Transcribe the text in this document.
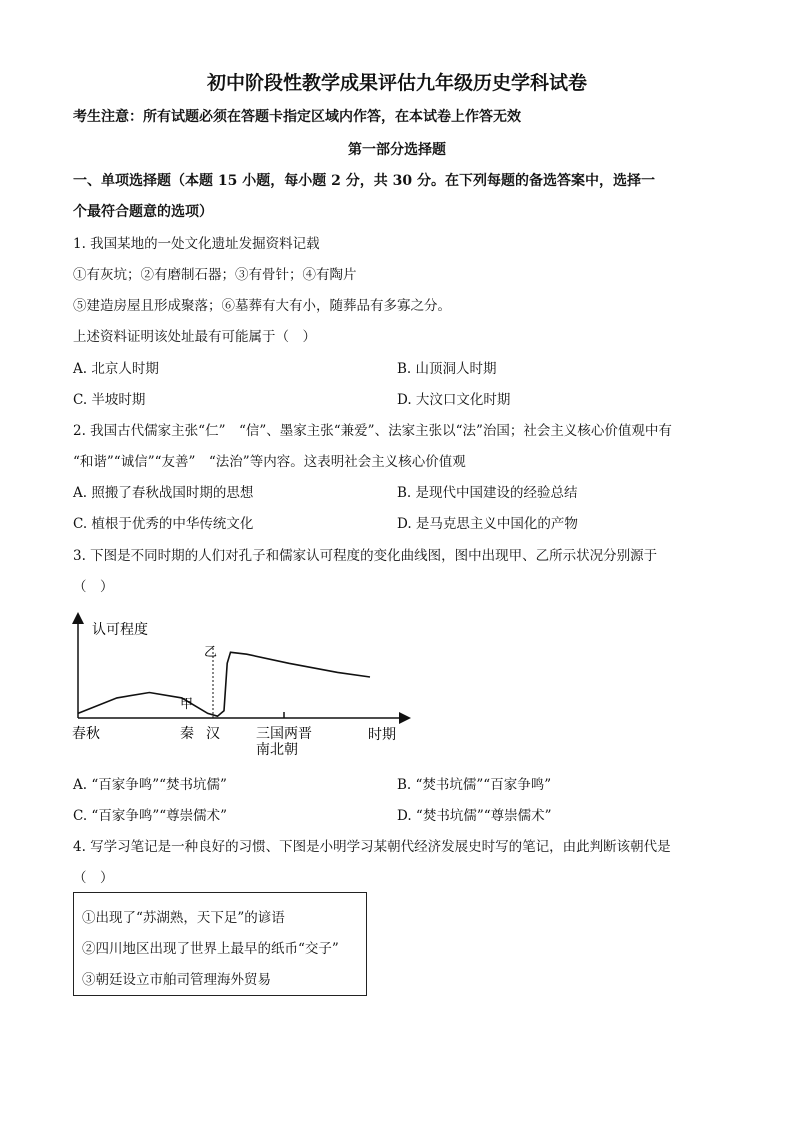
初中阶段性教学成果评估九年级历史学科试卷
考生注意：所有试题必须在答题卡指定区域内作答，在本试卷上作答无效
第一部分选择题
一、单项选择题（本题 15 小题，每小题 2 分，共 30 分。在下列每题的备选答案中，选择一
个最符合题意的选项）
1. 我国某地的一处文化遗址发掘资料记载
①有灰坑；②有磨制石器；③有骨针；④有陶片
⑤建造房屋且形成聚落；⑥墓葬有大有小，随葬品有多寡之分。
上述资料证明该处址最有可能属于（　）
A. 北京人时期	B. 山顶洞人时期
C. 半坡时期	D. 大汶口文化时期
2. 我国古代儒家主张“仁”　“信”、墨家主张“兼爱”、法家主张以“法”治国；社会主义核心价值观中有
“和谐”“诚信”“友善”　“法治”等内容。这表明社会主义核心价值观
A. 照搬了春秋战国时期的思想	B. 是现代中国建设的经验总结
C. 植根于优秀的中华传统文化	D. 是马克思主义中国化的产物
3. 下图是不同时期的人们对孔子和儒家认可程度的变化曲线图，图中出现甲、乙所示状况分别源于
（　）
认可程度
时期
甲
乙
春秋	秦 汉	三国两晋
南北朝
A. “百家争鸣”“焚书坑儒”	B. “焚书坑儒”“百家争鸣”
C. “百家争鸣”“尊崇儒术”	D. “焚书坑儒”“尊崇儒术”
4. 写学习笔记是一种良好的习惯、下图是小明学习某朝代经济发展史时写的笔记，由此判断该朝代是
（　）
①出现了“苏湖熟，天下足”的谚语
②四川地区出现了世界上最早的纸币“交子”
③朝廷设立市舶司管理海外贸易
